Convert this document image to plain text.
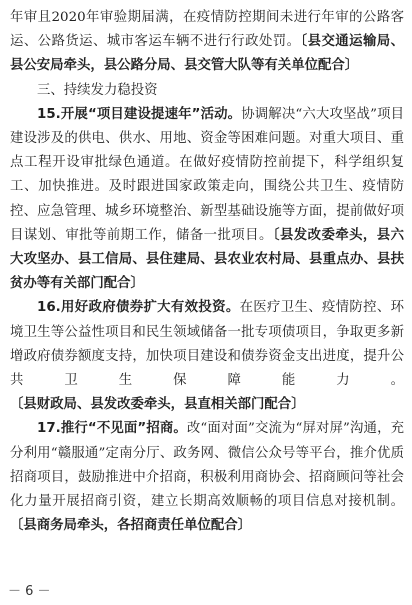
年审且2020年审验期届满，在疫情防控期间未进行年审的公路客运、公路货运、城市客运车辆不进行行政处罚。〔县交通运输局、县公安局牵头，县公路分局、县交管大队等有关单位配合〕

三、持续发力稳投资

15.开展“项目建设提速年”活动。协调解决“六大攻坚战”项目建设涉及的供电、供水、用地、资金等困难问题。对重大项目、重点工程开设审批绿色通道。在做好疫情防控前提下，科学组织复工、加快推进。及时跟进国家政策走向，围绕公共卫生、疫情防控、应急管理、城乡环境整治、新型基础设施等方面，提前做好项目谋划、审批等前期工作，储备一批项目。〔县发改委牵头，县六大攻坚办、县工信局、县住建局、县农业农村局、县重点办、县扶贫办等有关部门配合〕

16.用好政府债券扩大有效投资。在医疗卫生、疫情防控、环境卫生等公益性项目和民生领域储备一批专项债项目，争取更多新增政府债券额度支持，加快项目建设和债券资金支出进度，提升公共卫生保障能力。〔县财政局、县发改委牵头，县直相关部门配合〕

17.推行“不见面”招商。改“面对面”交流为“屏对屏”沟通，充分利用“赣服通”定南分厅、政务网、微信公众号等平台，推介优质招商项目，鼓励推进中介招商，积极利用商协会、招商顾问等社会化力量开展招商引资，建立长期高效顺畅的项目信息对接机制。〔县商务局牵头，各招商责任单位配合〕

－ 6 －
